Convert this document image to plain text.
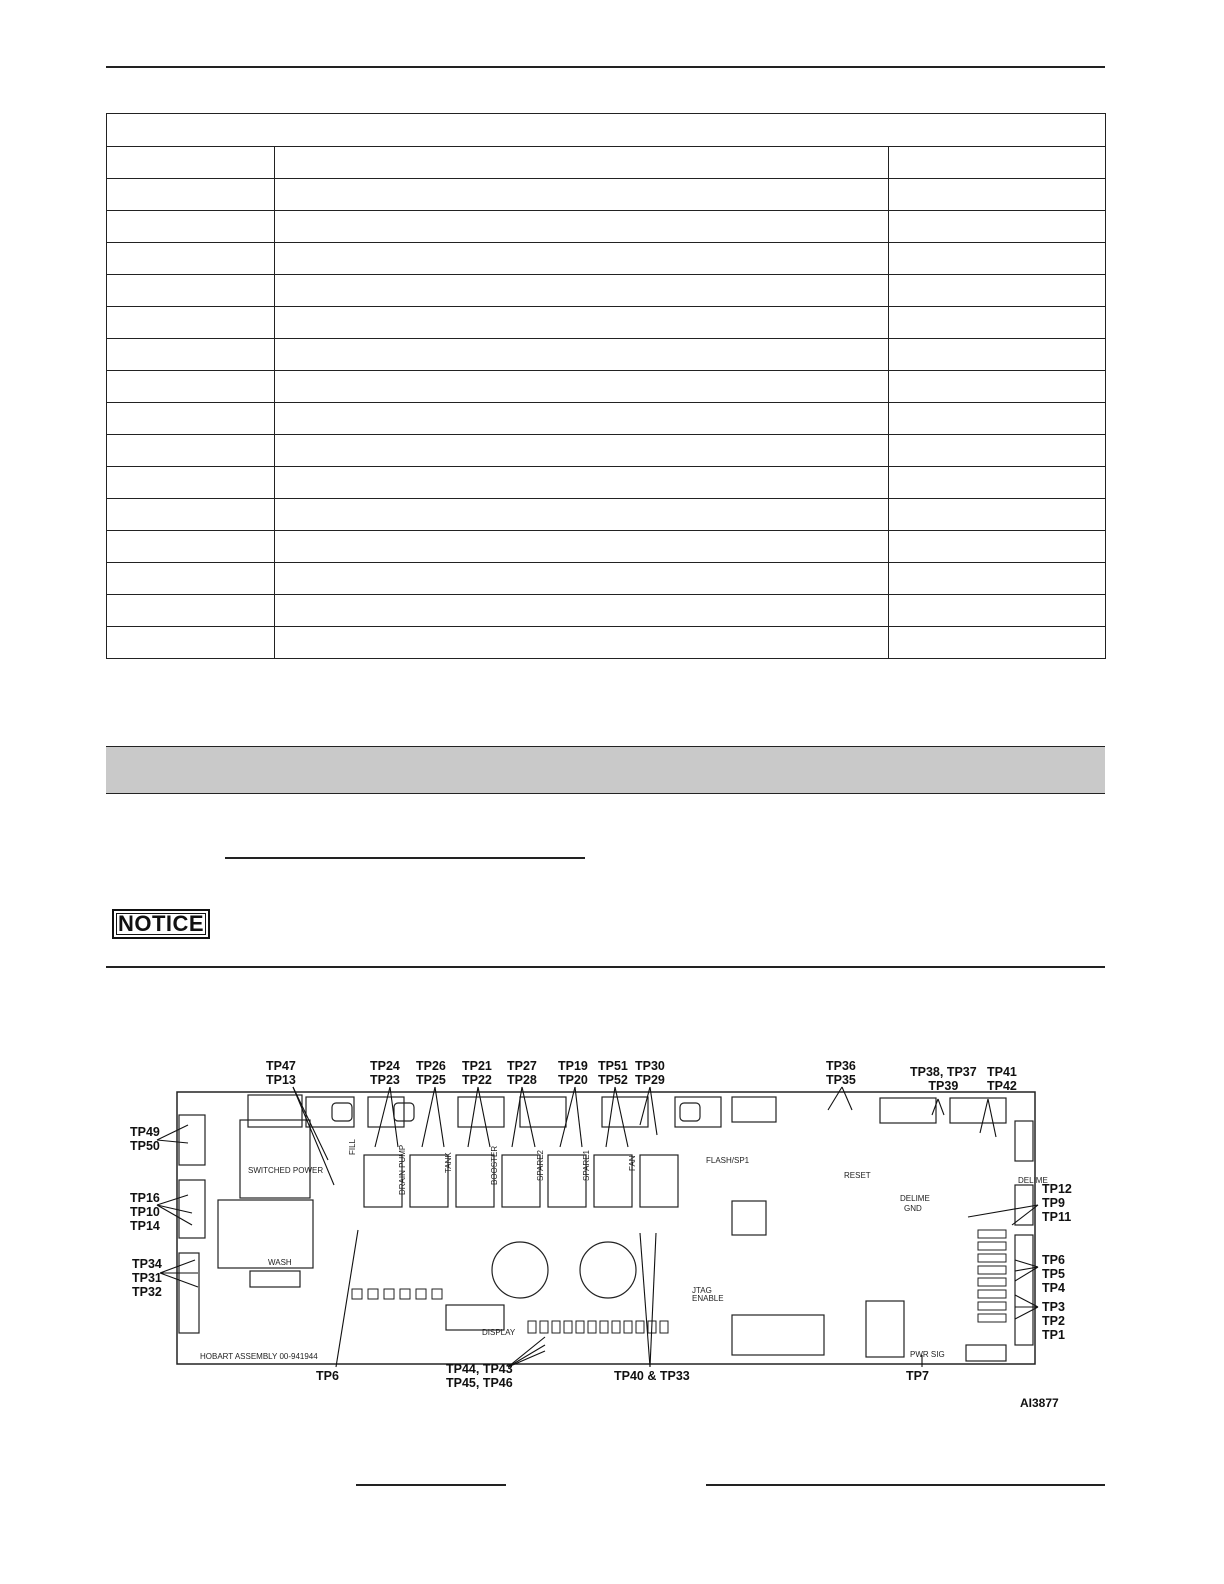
NOTICE
SWITCHED POWER
WASH
DELIME
GND
DELIME
DISPLAY
JTAG
ENABLE
HOBART ASSEMBLY 00-941944
FLASH/SP1
RESET
PWR SIG
FILL	DRAIN PUMP	TANK	BOOSTER	SPARE2	SPARE1	FAN
TP47
TP13
TP24
TP23
TP26
TP25
TP21
TP22
TP27
TP28
TP19
TP20
TP51
TP52
TP30
TP29
TP36
TP35
TP38, TP37
TP39
TP41
TP42
TP49
TP50
TP16
TP10
TP14
TP34
TP31
TP32
TP12
TP9
TP11
TP6
TP5
TP4
TP3
TP2
TP1
TP6	TP44, TP43
TP45, TP46	TP40 & TP33	TP7
AI3877
